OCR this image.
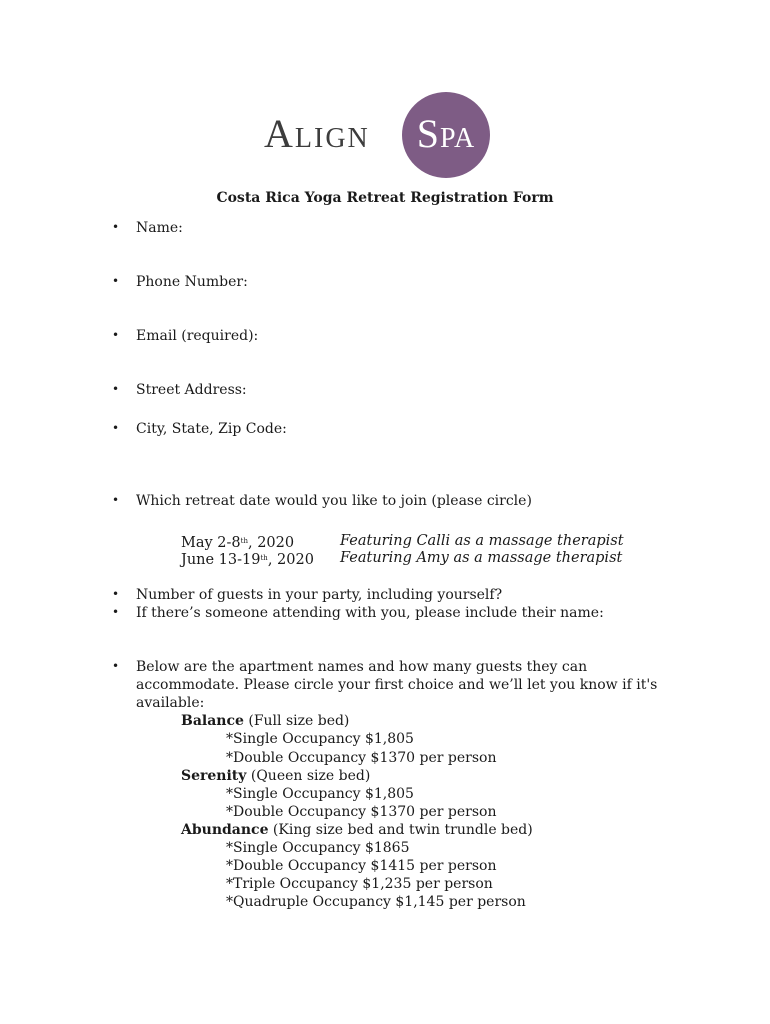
Align	Spa
Costa Rica Yoga Retreat Registration Form
• Name:
• Phone Number:
• Email (required):
• Street Address:
• City, State, Zip Code:
• Which retreat date would you like to join (please circle)
May 2-8th, 2020	Featuring Calli as a massage therapist
June 13-19th, 2020 Featuring Amy as a massage therapist
• Number of guests in your party, including yourself?
• If there’s someone attending with you, please include their name:
• Below are the apartment names and how many guests they can
accommodate. Please circle your first choice and we’ll let you know if it's
available:
Balance (Full size bed)
*Single Occupancy $1,805
*Double Occupancy $1370 per person
Serenity (Queen size bed)
*Single Occupancy $1,805
*Double Occupancy $1370 per person
Abundance (King size bed and twin trundle bed)
*Single Occupancy $1865
*Double Occupancy $1415 per person
*Triple Occupancy $1,235 per person
*Quadruple Occupancy $1,145 per person
